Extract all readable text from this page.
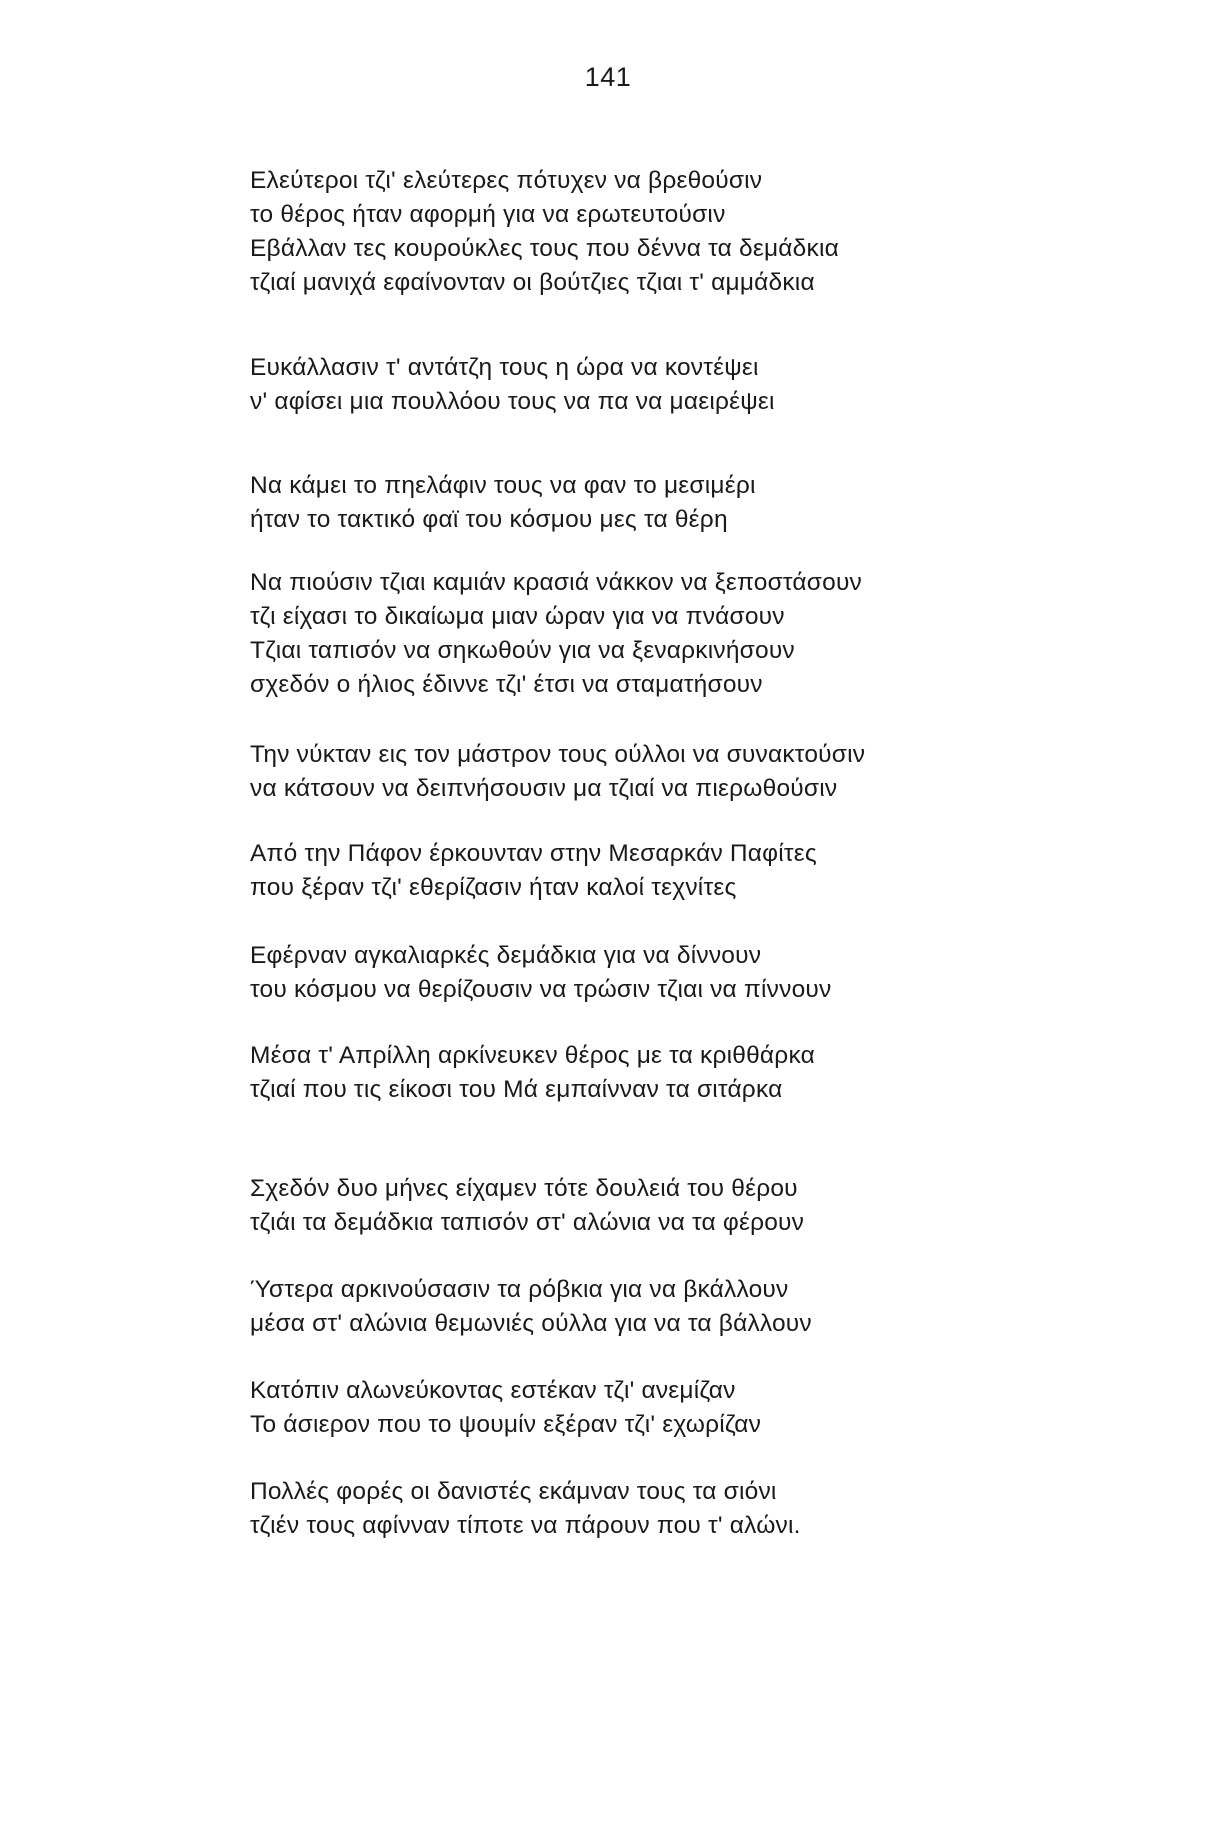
141
Ελεύτεροι τζι' ελεύτερες πότυχεν να βρεθούσιν
το θέρος ήταν αφορμή για να ερωτευτούσιν
Εβάλλαν τες κουρούκλες τους που δέννα τα δεμάδκια
τζιαί μανιχά εφαίνονταν οι βούτζιες τζιαι τ' αμμάδκια
Ευκάλλασιν τ' αντάτζη τους η ώρα να κοντέψει
ν' αφίσει μια πουλλόου τους να πα να μαειρέψει
Να κάμει το πηελάφιν τους να φαν το μεσιμέρι
ήταν το τακτικό φαϊ του κόσμου μες τα θέρη
Να πιούσιν τζιαι καμιάν κρασιά νάκκον να ξεποστάσουν
τζι είχασι το δικαίωμα μιαν ώραν για να πνάσουν
Τζιαι ταπισόν να σηκωθούν για να ξεναρκινήσουν
σχεδόν ο ήλιος έδιννε τζι' έτσι να σταματήσουν
Την νύκταν εις τον μάστρον τους ούλλοι να συνακτούσιν
να κάτσουν να δειπνήσουσιν μα τζιαί να πιερωθούσιν
Από την Πάφον έρκουνταν στην Μεσαρκάν Παφίτες
που ξέραν τζι' εθερίζασιν ήταν καλοί τεχνίτες
Εφέρναν αγκαλιαρκές δεμάδκια για να δίννουν
του κόσμου να θερίζουσιν να τρώσιν τζιαι να πίννουν
Μέσα τ' Απρίλλη αρκίνευκεν θέρος με τα κριθθάρκα
τζιαί που τις είκοσι του Μά εμπαίνναν τα σιτάρκα
Σχεδόν δυο μήνες είχαμεν τότε δουλειά του θέρου
τζιάι τα δεμάδκια ταπισόν στ' αλώνια να τα φέρουν
Ύστερα αρκινούσασιν τα ρόβκια για να βκάλλουν
μέσα στ' αλώνια θεμωνιές ούλλα για να τα βάλλουν
Κατόπιν αλωνεύκοντας εστέκαν τζι' ανεμίζαν
Το άσιερον που το ψουμίν εξέραν τζι' εχωρίζαν
Πολλές φορές οι δανιστές εκάμναν τους τα σιόνι
τζιέν τους αφίνναν τίποτε να πάρουν που τ' αλώνι.
